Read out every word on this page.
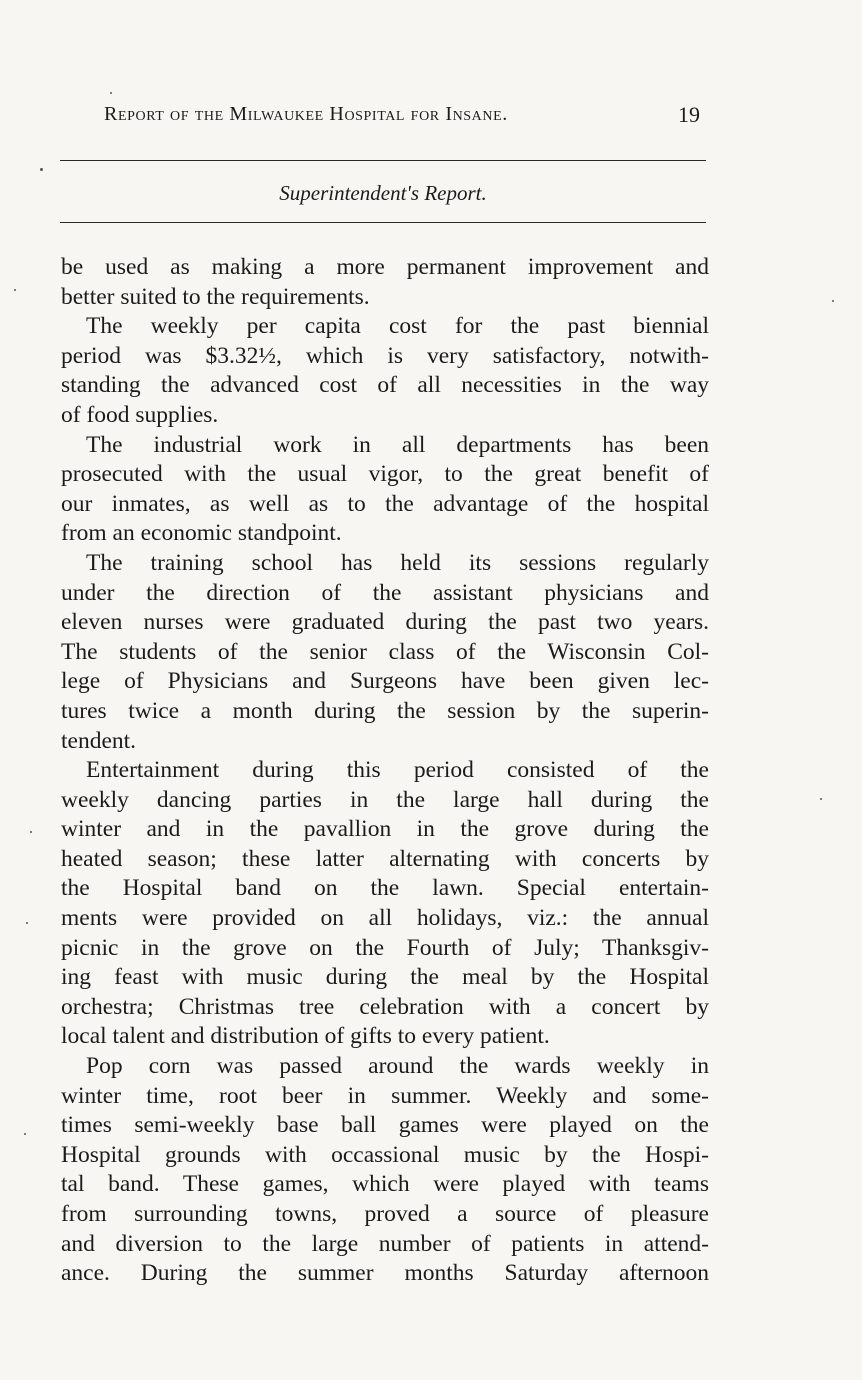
Report of the Milwaukee Hospital for Insane.	19
Superintendent's Report.
be used as making a more permanent improvement and
better suited to the requirements.
The weekly per capita cost for the past biennial
period was $3.32½, which is very satisfactory, notwith-
standing the advanced cost of all necessities in the way
of food supplies.
The industrial work in all departments has been
prosecuted with the usual vigor, to the great benefit of
our inmates, as well as to the advantage of the hospital
from an economic standpoint.
The training school has held its sessions regularly
under the direction of the assistant physicians and
eleven nurses were graduated during the past two years.
The students of the senior class of the Wisconsin Col-
lege of Physicians and Surgeons have been given lec-
tures twice a month during the session by the superin-
tendent.
Entertainment during this period consisted of the
weekly dancing parties in the large hall during the
winter and in the pavallion in the grove during the
heated season; these latter alternating with concerts by
the Hospital band on the lawn. Special entertain-
ments were provided on all holidays, viz.: the annual
picnic in the grove on the Fourth of July; Thanksgiv-
ing feast with music during the meal by the Hospital
orchestra; Christmas tree celebration with a concert by
local talent and distribution of gifts to every patient.
Pop corn was passed around the wards weekly in
winter time, root beer in summer. Weekly and some-
times semi-weekly base ball games were played on the
Hospital grounds with occassional music by the Hospi-
tal band. These games, which were played with teams
from surrounding towns, proved a source of pleasure
and diversion to the large number of patients in attend-
ance. During the summer months Saturday afternoon
